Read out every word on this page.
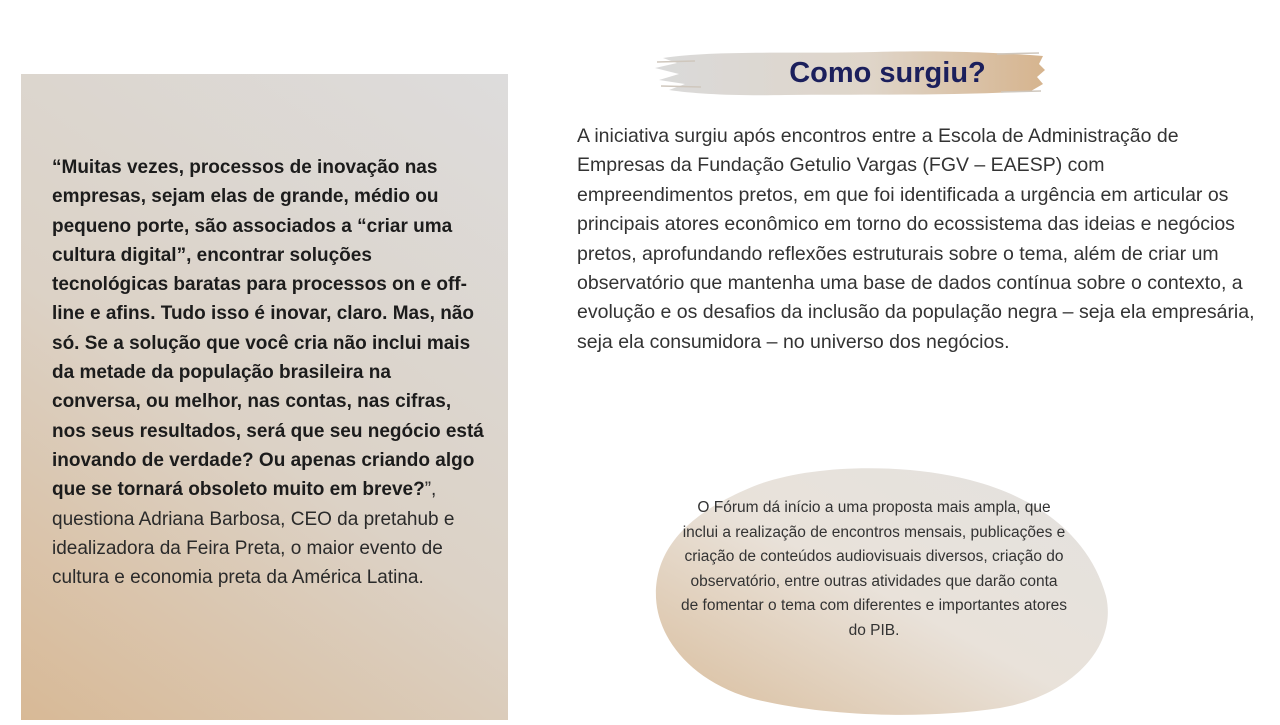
“Muitas vezes, processos de inovação nas empresas, sejam elas de grande, médio ou pequeno porte, são associados a “criar uma cultura digital”, encontrar soluções tecnológicas baratas para processos on e off-line e afins. Tudo isso é inovar, claro. Mas, não só. Se a solução que você cria não inclui mais da metade da população brasileira na conversa, ou melhor, nas contas, nas cifras, nos seus resultados, será que seu negócio está inovando de verdade? Ou apenas criando algo que se tornará obsoleto muito em breve?”, questiona Adriana Barbosa, CEO da pretahub e idealizadora da Feira Preta, o maior evento de cultura e economia preta da América Latina.
Como surgiu?
A iniciativa surgiu após encontros entre a Escola de Administração de Empresas da Fundação Getulio Vargas (FGV – EAESP) com empreendimentos pretos, em que foi identificada a urgência em articular os principais atores econômico em torno do ecossistema das ideias e negócios pretos, aprofundando reflexões estruturais sobre o tema, além de criar um observatório que mantenha uma base de dados contínua sobre o contexto, a evolução e os desafios da inclusão da população negra – seja ela empresária, seja ela consumidora – no universo dos negócios.
O Fórum dá início a uma proposta mais ampla, que inclui a realização de encontros mensais, publicações e criação de conteúdos audiovisuais diversos, criação do observatório, entre outras atividades que darão conta de fomentar o tema com diferentes e importantes atores do PIB.
